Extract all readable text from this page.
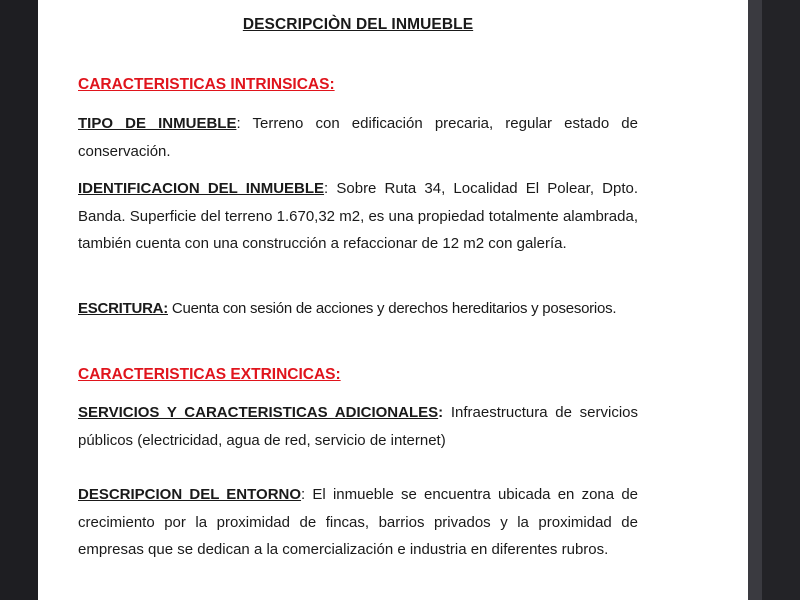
DESCRIPCIÒN DEL INMUEBLE
CARACTERISTICAS INTRINSICAS:

TIPO DE INMUEBLE: Terreno con edificación precaria, regular estado de conservación.

IDENTIFICACION DEL INMUEBLE: Sobre Ruta 34, Localidad El Polear, Dpto. Banda. Superficie del terreno 1.670,32 m2, es una propiedad totalmente alambrada, también cuenta con una construcción a refaccionar de 12 m2 con galería.

ESCRITURA: Cuenta con sesión de acciones y derechos hereditarios y posesorios.

CARACTERISTICAS EXTRINCICAS:

SERVICIOS Y CARACTERISTICAS ADICIONALES: Infraestructura de servicios públicos (electricidad, agua de red, servicio de internet)

DESCRIPCION DEL ENTORNO: El inmueble se encuentra ubicada en zona de crecimiento por la proximidad de fincas, barrios privados y la proximidad de empresas que se dedican a la comercialización e industria en diferentes rubros.
